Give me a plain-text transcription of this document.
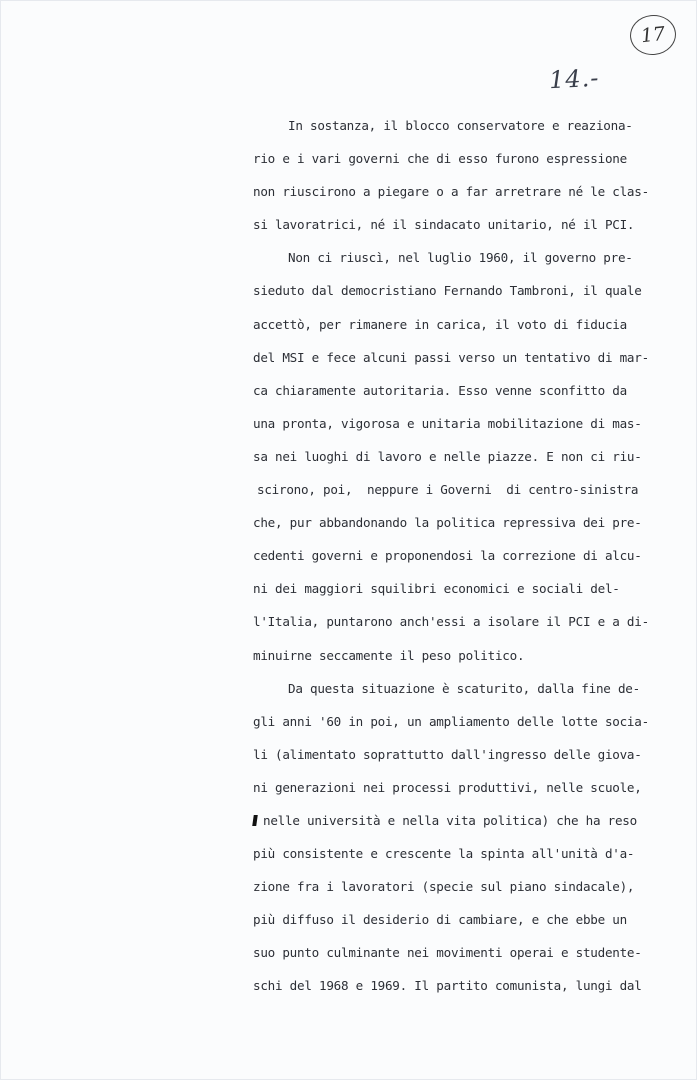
17
14.-
In sostanza, il blocco conservatore e reaziona-
rio e i vari governi che di esso furono espressione
non riuscirono a piegare o a far arretrare né le clas-
si lavoratrici, né il sindacato unitario, né il PCI.
Non ci riuscì, nel luglio 1960, il governo pre-
sieduto dal democristiano Fernando Tambroni, il quale
accettò, per rimanere in carica, il voto di fiducia
del MSI e fece alcuni passi verso un tentativo di mar-
ca chiaramente autoritaria. Esso venne sconfitto da
una pronta, vigorosa e unitaria mobilitazione di mas-
sa nei luoghi di lavoro e nelle piazze. E non ci riu-
scirono, poi,  neppure i Governi  di centro-sinistra
che, pur abbandonando la politica repressiva dei pre-
cedenti governi e proponendosi la correzione di alcu-
ni dei maggiori squilibri economici e sociali del-
l'Italia, puntarono anch'essi a isolare il PCI e a di-
minuirne seccamente il peso politico.
Da questa situazione è scaturito, dalla fine de-
gli anni '60 in poi, un ampliamento delle lotte socia-
li (alimentato soprattutto dall'ingresso delle giova-
ni generazioni nei processi produttivi, nelle scuole,
nelle università e nella vita politica) che ha reso
più consistente e crescente la spinta all'unità d'a-
zione fra i lavoratori (specie sul piano sindacale),
più diffuso il desiderio di cambiare, e che ebbe un
suo punto culminante nei movimenti operai e studente-
schi del 1968 e 1969. Il partito comunista, lungi dal
